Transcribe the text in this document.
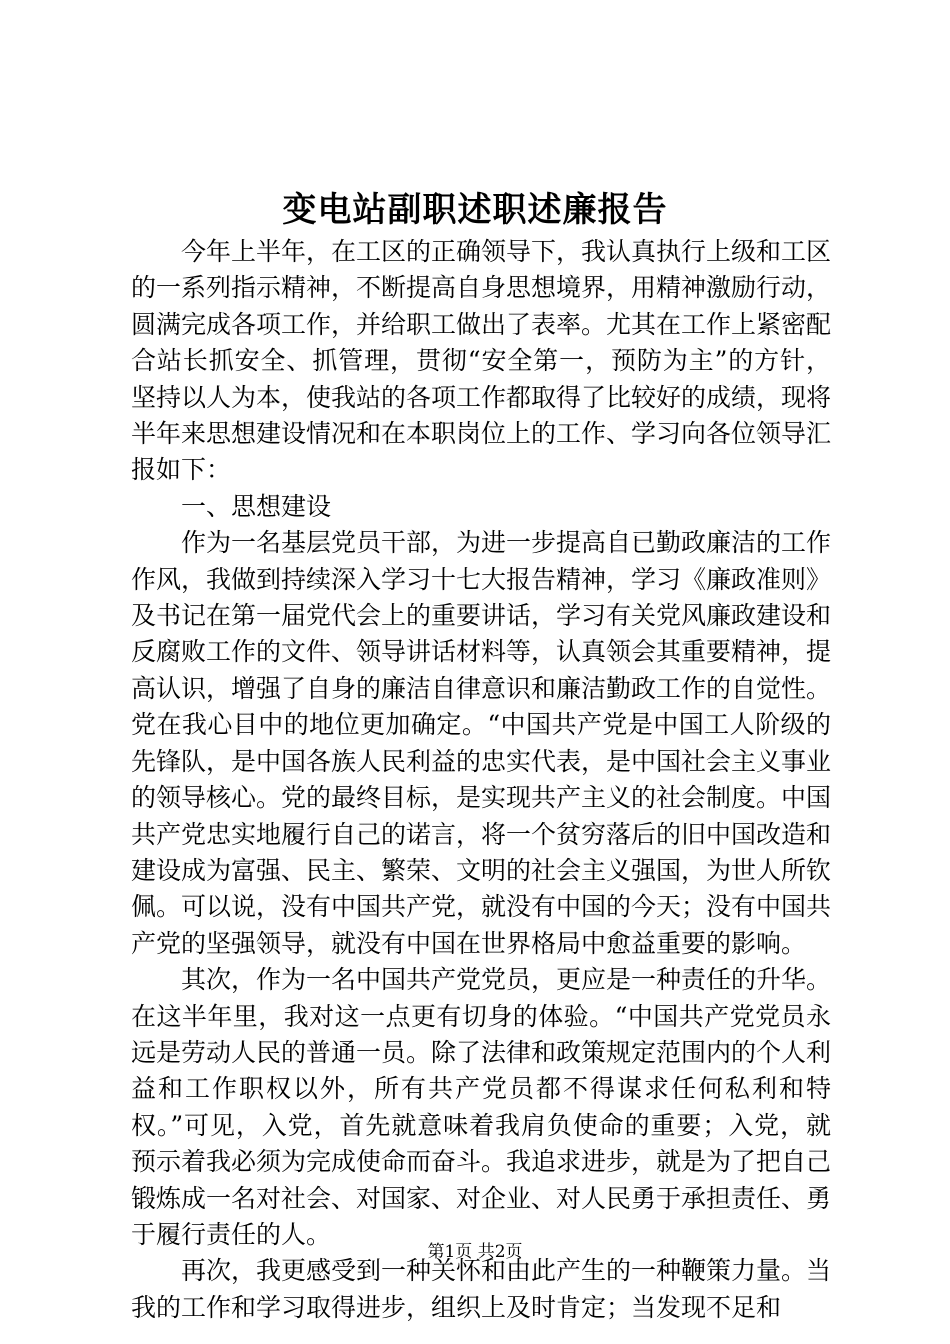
变电站副职述职述廉报告

今年上半年，在工区的正确领导下，我认真执行上级和工区的一系列指示精神，不断提高自身思想境界，用精神激励行动，圆满完成各项工作，并给职工做出了表率。尤其在工作上紧密配合站长抓安全、抓管理，贯彻“安全第一，预防为主”的方针，坚持以人为本，使我站的各项工作都取得了比较好的成绩，现将半年来思想建设情况和在本职岗位上的工作、学习向各位领导汇报如下：

一、思想建设

作为一名基层党员干部，为进一步提高自已勤政廉洁的工作作风，我做到持续深入学习十七大报告精神，学习《廉政准则》及书记在第一届党代会上的重要讲话，学习有关党风廉政建设和反腐败工作的文件、领导讲话材料等，认真领会其重要精神，提高认识，增强了自身的廉洁自律意识和廉洁勤政工作的自觉性。党在我心目中的地位更加确定。“中国共产党是中国工人阶级的先锋队，是中国各族人民利益的忠实代表，是中国社会主义事业的领导核心。党的最终目标，是实现共产主义的社会制度。中国共产党忠实地履行自己的诺言，将一个贫穷落后的旧中国改造和建设成为富强、民主、繁荣、文明的社会主义强国，为世人所钦佩。可以说，没有中国共产党，就没有中国的今天；没有中国共产党的坚强领导，就没有中国在世界格局中愈益重要的影响。

其次，作为一名中国共产党党员，更应是一种责任的升华。在这半年里，我对这一点更有切身的体验。“中国共产党党员永远是劳动人民的普通一员。除了法律和政策规定范围内的个人利益和工作职权以外，所有共产党员都不得谋求任何私利和特权。”可见，入党，首先就意味着我肩负使命的重要；入党，就预示着我必须为完成使命而奋斗。我追求进步，就是为了把自己锻炼成一名对社会、对国家、对企业、对人民勇于承担责任、勇于履行责任的人。

再次，我更感受到一种关怀和由此产生的一种鞭策力量。当我的工作和学习取得进步，组织上及时肯定；当发现不足和

第1页 共2页
